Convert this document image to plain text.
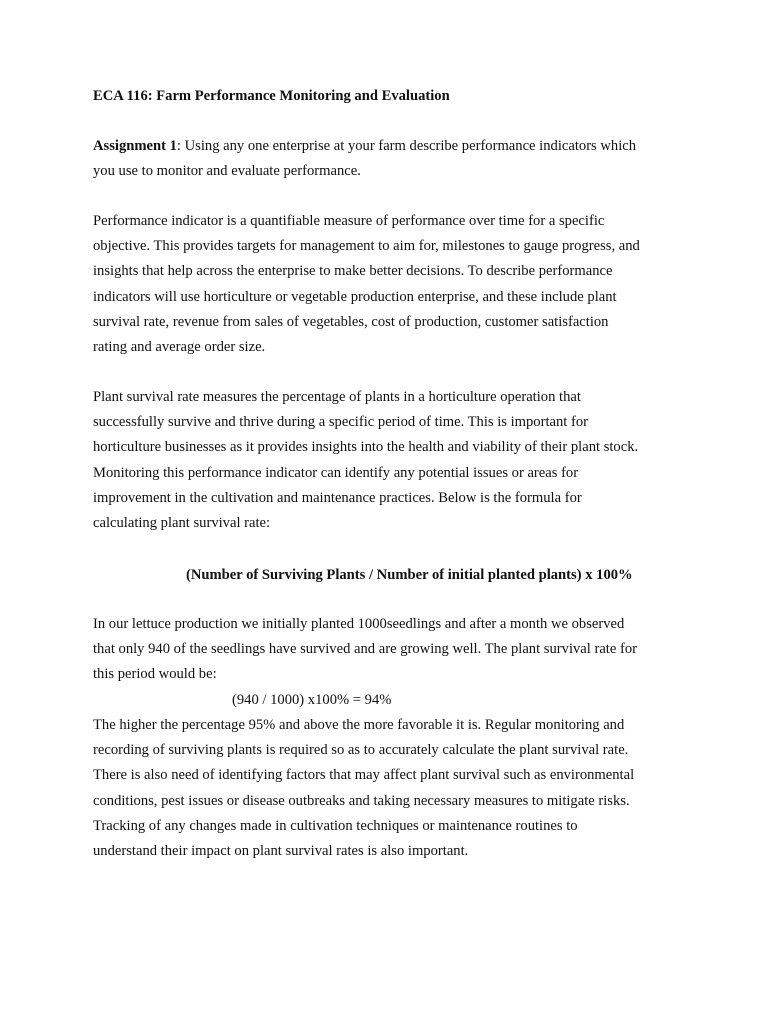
ECA 116: Farm Performance Monitoring and Evaluation

Assignment 1: Using any one enterprise at your farm describe performance indicators which
you use to monitor and evaluate performance.

Performance indicator is a quantifiable measure of performance over time for a specific
objective. This provides targets for management to aim for, milestones to gauge progress, and
insights that help across the enterprise to make better decisions. To describe performance
indicators will use horticulture or vegetable production enterprise, and these include plant
survival rate, revenue from sales of vegetables, cost of production, customer satisfaction
rating and average order size.

Plant survival rate measures the percentage of plants in a horticulture operation that
successfully survive and thrive during a specific period of time. This is important for
horticulture businesses as it provides insights into the health and viability of their plant stock.
Monitoring this performance indicator can identify any potential issues or areas for
improvement in the cultivation and maintenance practices. Below is the formula for
calculating plant survival rate:

(Number of Surviving Plants / Number of initial planted plants) x 100%

In our lettuce production we initially planted 1000seedlings and after a month we observed
that only 940 of the seedlings have survived and are growing well. The plant survival rate for
this period would be:

(940 / 1000) x100% = 94%

The higher the percentage 95% and above the more favorable it is. Regular monitoring and
recording of surviving plants is required so as to accurately calculate the plant survival rate.
There is also need of identifying factors that may affect plant survival such as environmental
conditions, pest issues or disease outbreaks and taking necessary measures to mitigate risks.
Tracking of any changes made in cultivation techniques or maintenance routines to
understand their impact on plant survival rates is also important.
